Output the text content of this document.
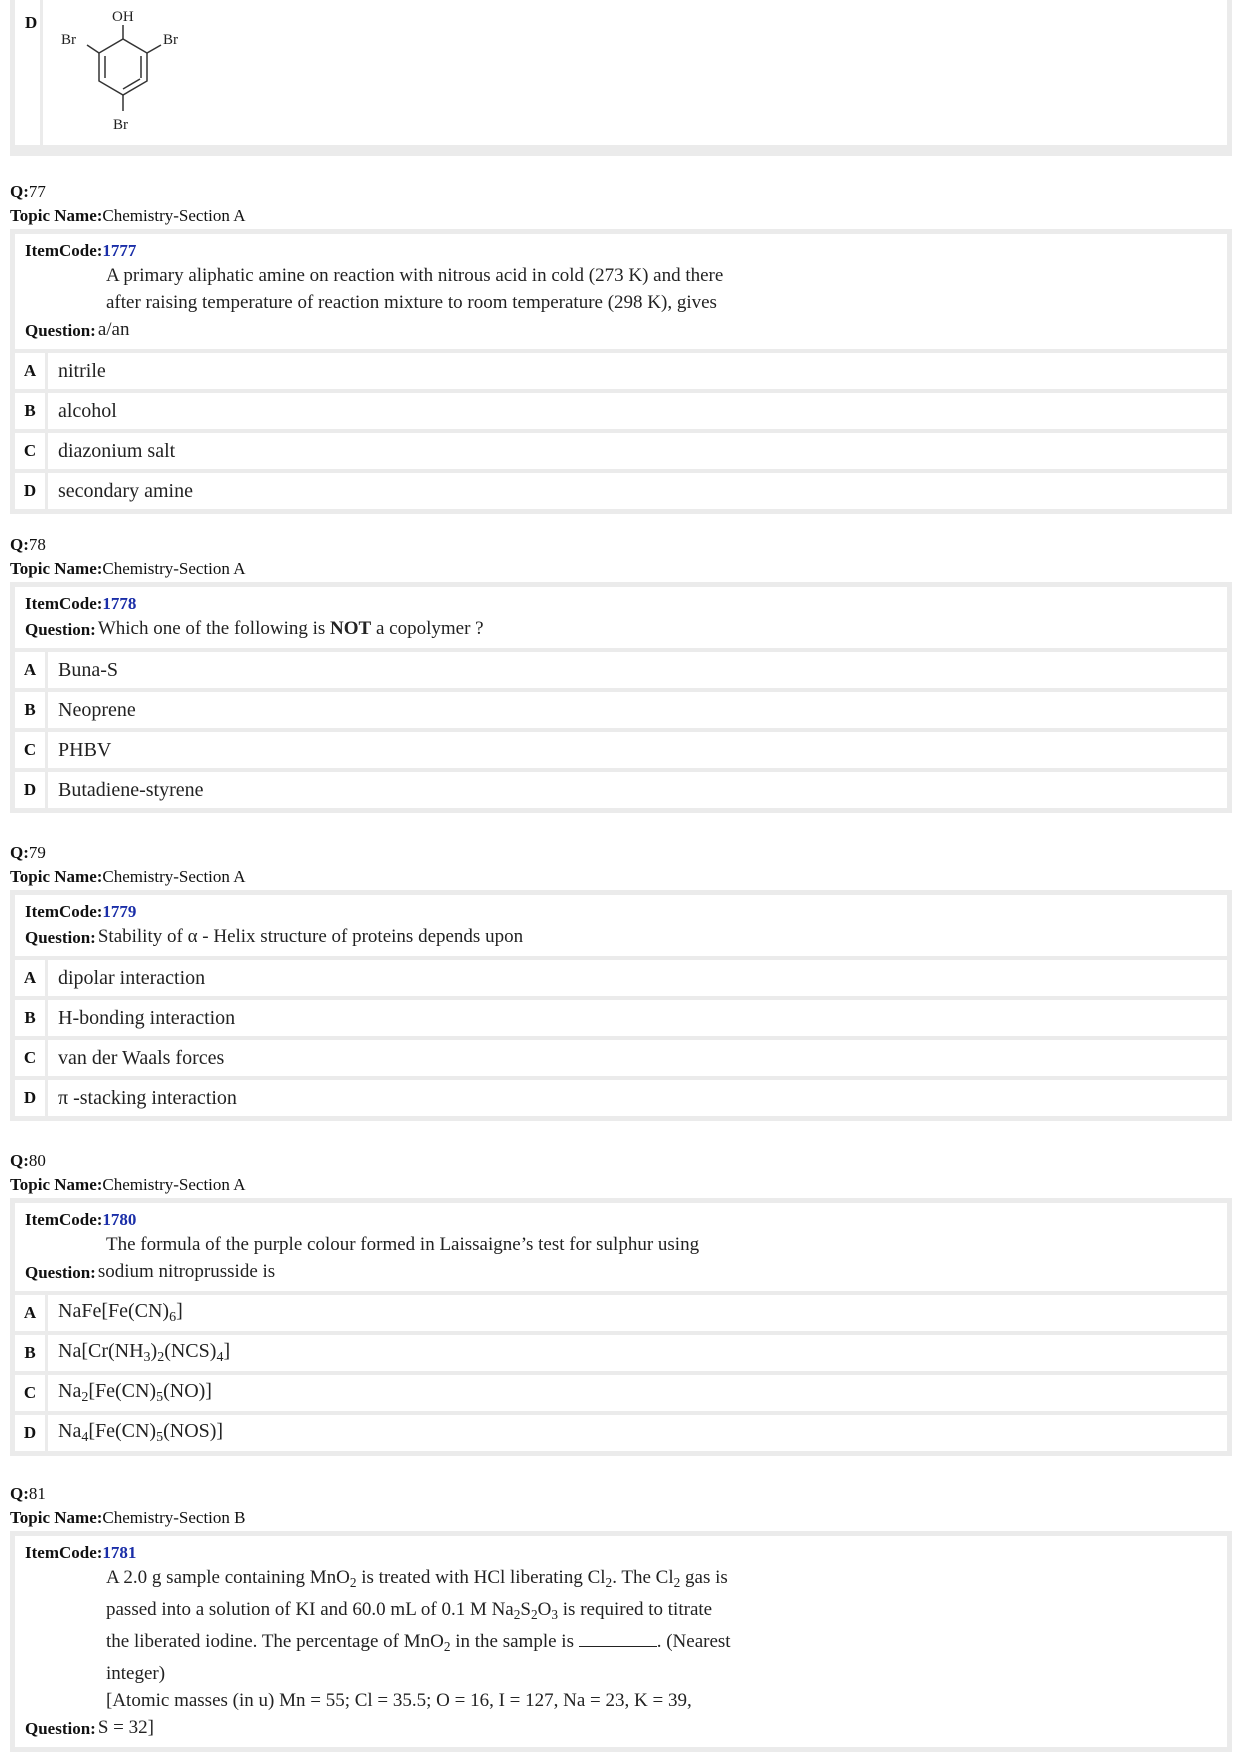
D	OH
Br	Br
Br
Q:77
Topic Name:Chemistry-Section A
ItemCode:1777
A primary aliphatic amine on reaction with nitrous acid in cold (273 K) and there
after raising temperature of reaction mixture to room temperature (298 K), gives
Question: a/an
A	nitrile
B	alcohol
C	diazonium salt
D	secondary amine
Q:78
Topic Name:Chemistry-Section A
ItemCode:1778
Question: Which one of the following is NOT a copolymer ?
A	Buna-S
B	Neoprene
C	PHBV
D	Butadiene-styrene
Q:79
Topic Name:Chemistry-Section A
ItemCode:1779
Question: Stability of α - Helix structure of proteins depends upon
A	dipolar interaction
B	H-bonding interaction
C	van der Waals forces
D	π -stacking interaction
Q:80
Topic Name:Chemistry-Section A
ItemCode:1780
The formula of the purple colour formed in Laissaigne’s test for sulphur using
Question: sodium nitroprusside is
A	$NaFe[Fe(CN)_6]$
B	$Na[Cr(NH_3)_2(NCS)_4]$
C	$Na_2[Fe(CN)_5(NO)]$
D	$Na_4[Fe(CN)_5(NOS)]$
Q:81
Topic Name:Chemistry-Section B
ItemCode:1781
A 2.0 g sample containing MnO$_2$ is treated with HCl liberating $Cl_2$. The $Cl_2$ gas is
passed into a solution of KI and 60.0 mL of 0.1 M $Na_2S_2O_3$ is required to titrate
the liberated iodine. The percentage of MnO$_2$ in the sample is	. (Nearest
integer)
[Atomic masses (in u) Mn = 55; Cl = 35.5; O = 16, I = 127, Na = 23, K = 39,
Question: S = 32]
